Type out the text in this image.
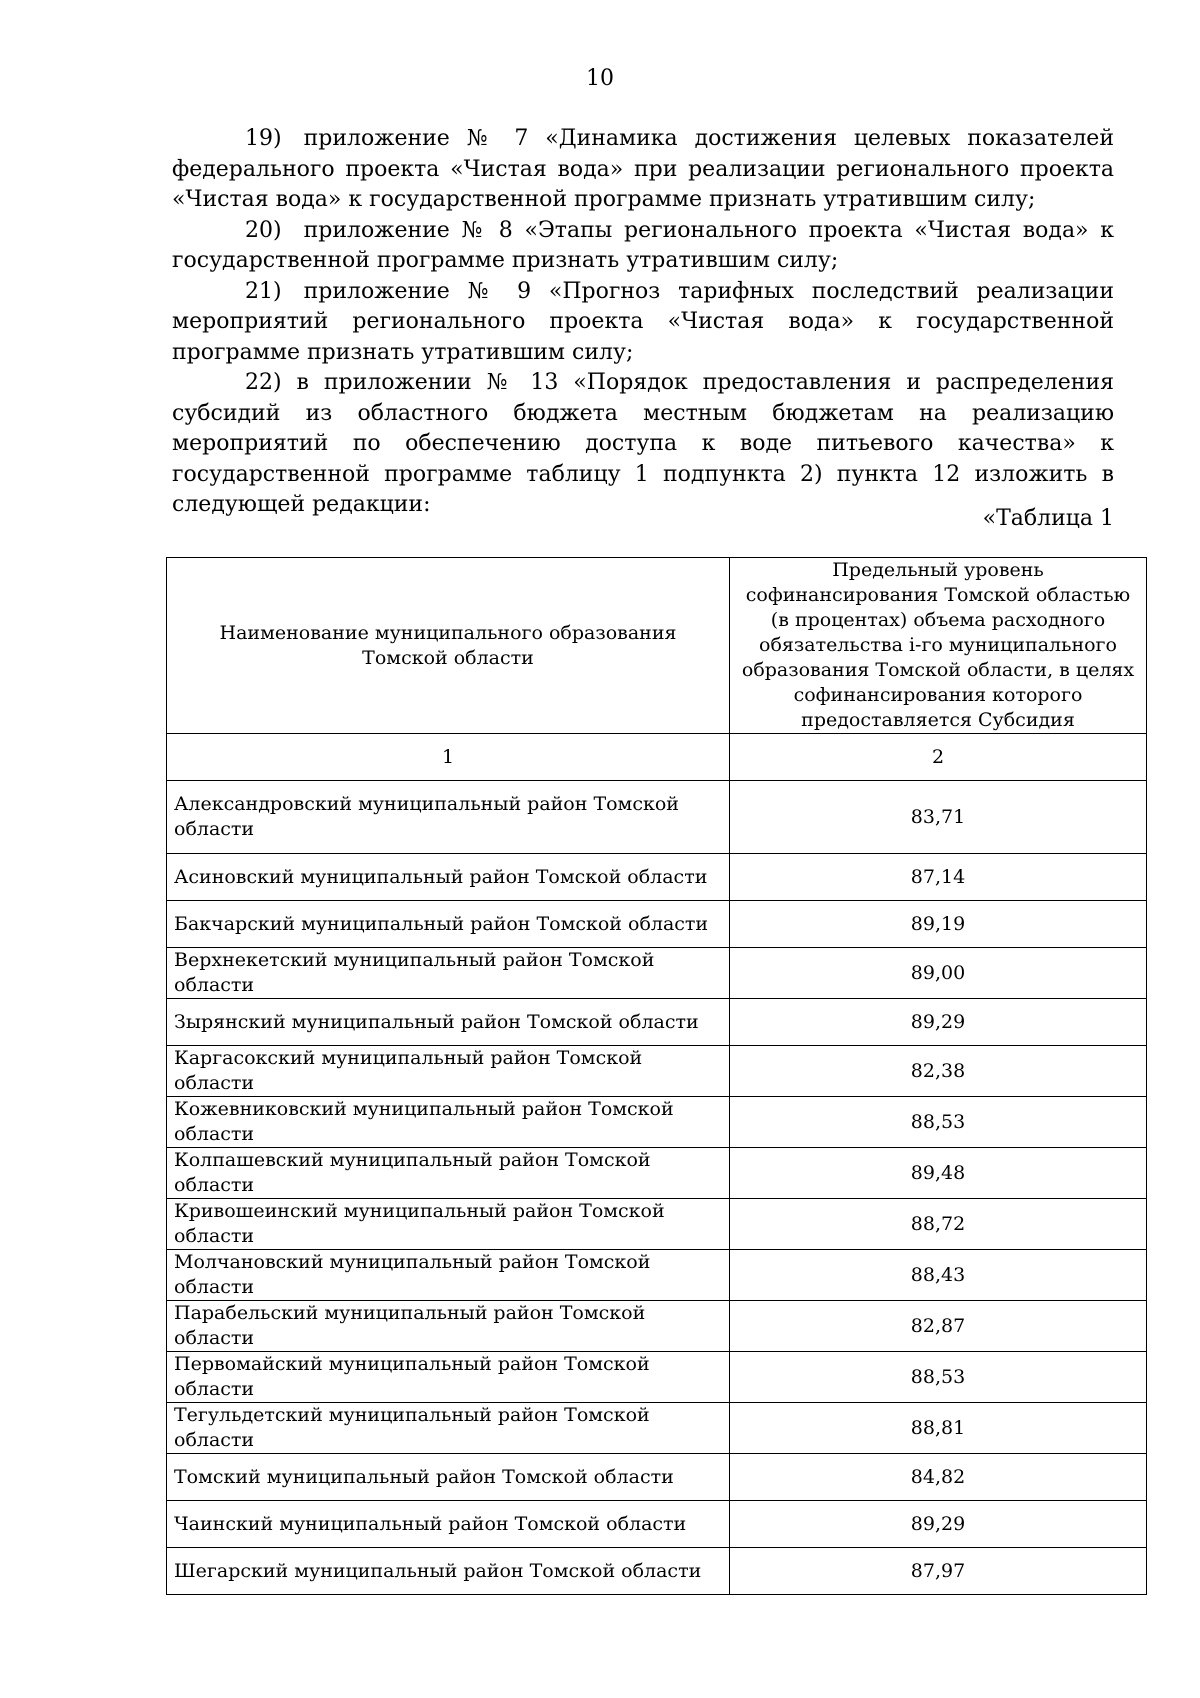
10

19) приложение № 7 «Динамика достижения целевых показателей федерального проекта «Чистая вода» при реализации регионального проекта «Чистая вода» к государственной программе признать утратившим силу;

20) приложение № 8 «Этапы регионального проекта «Чистая вода» к государственной программе признать утратившим силу;

21) приложение № 9 «Прогноз тарифных последствий реализации мероприятий регионального проекта «Чистая вода» к государственной программе признать утратившим силу;

22) в приложении № 13 «Порядок предоставления и распределения субсидий из областного бюджета местным бюджетам на реализацию мероприятий по обеспечению доступа к воде питьевого качества» к государственной программе таблицу 1 подпункта 2) пункта 12 изложить в следующей редакции:

«Таблица 1
Наименование муниципального образования Томской области	Предельный уровень софинансирования Томской областью (в процентах) объема расходного обязательства i-го муниципального образования Томской области, в целях софинансирования которого предоставляется Субсидия
1	2
Александровский муниципальный район Томской области	83,71
Асиновский муниципальный район Томской области	87,14
Бакчарский муниципальный район Томской области	89,19
Верхнекетский муниципальный район Томской области	89,00
Зырянский муниципальный район Томской области	89,29
Каргасокский муниципальный район Томской области	82,38
Кожевниковский муниципальный район Томской области	88,53
Колпашевский муниципальный район Томской области	89,48
Кривошеинский муниципальный район Томской области	88,72
Молчановский муниципальный район Томской области	88,43
Парабельский муниципальный район Томской области	82,87
Первомайский муниципальный район Томской области	88,53
Тегульдетский муниципальный район Томской области	88,81
Томский муниципальный район Томской области	84,82
Чаинский муниципальный район Томской области	89,29
Шегарский муниципальный район Томской области	87,97
